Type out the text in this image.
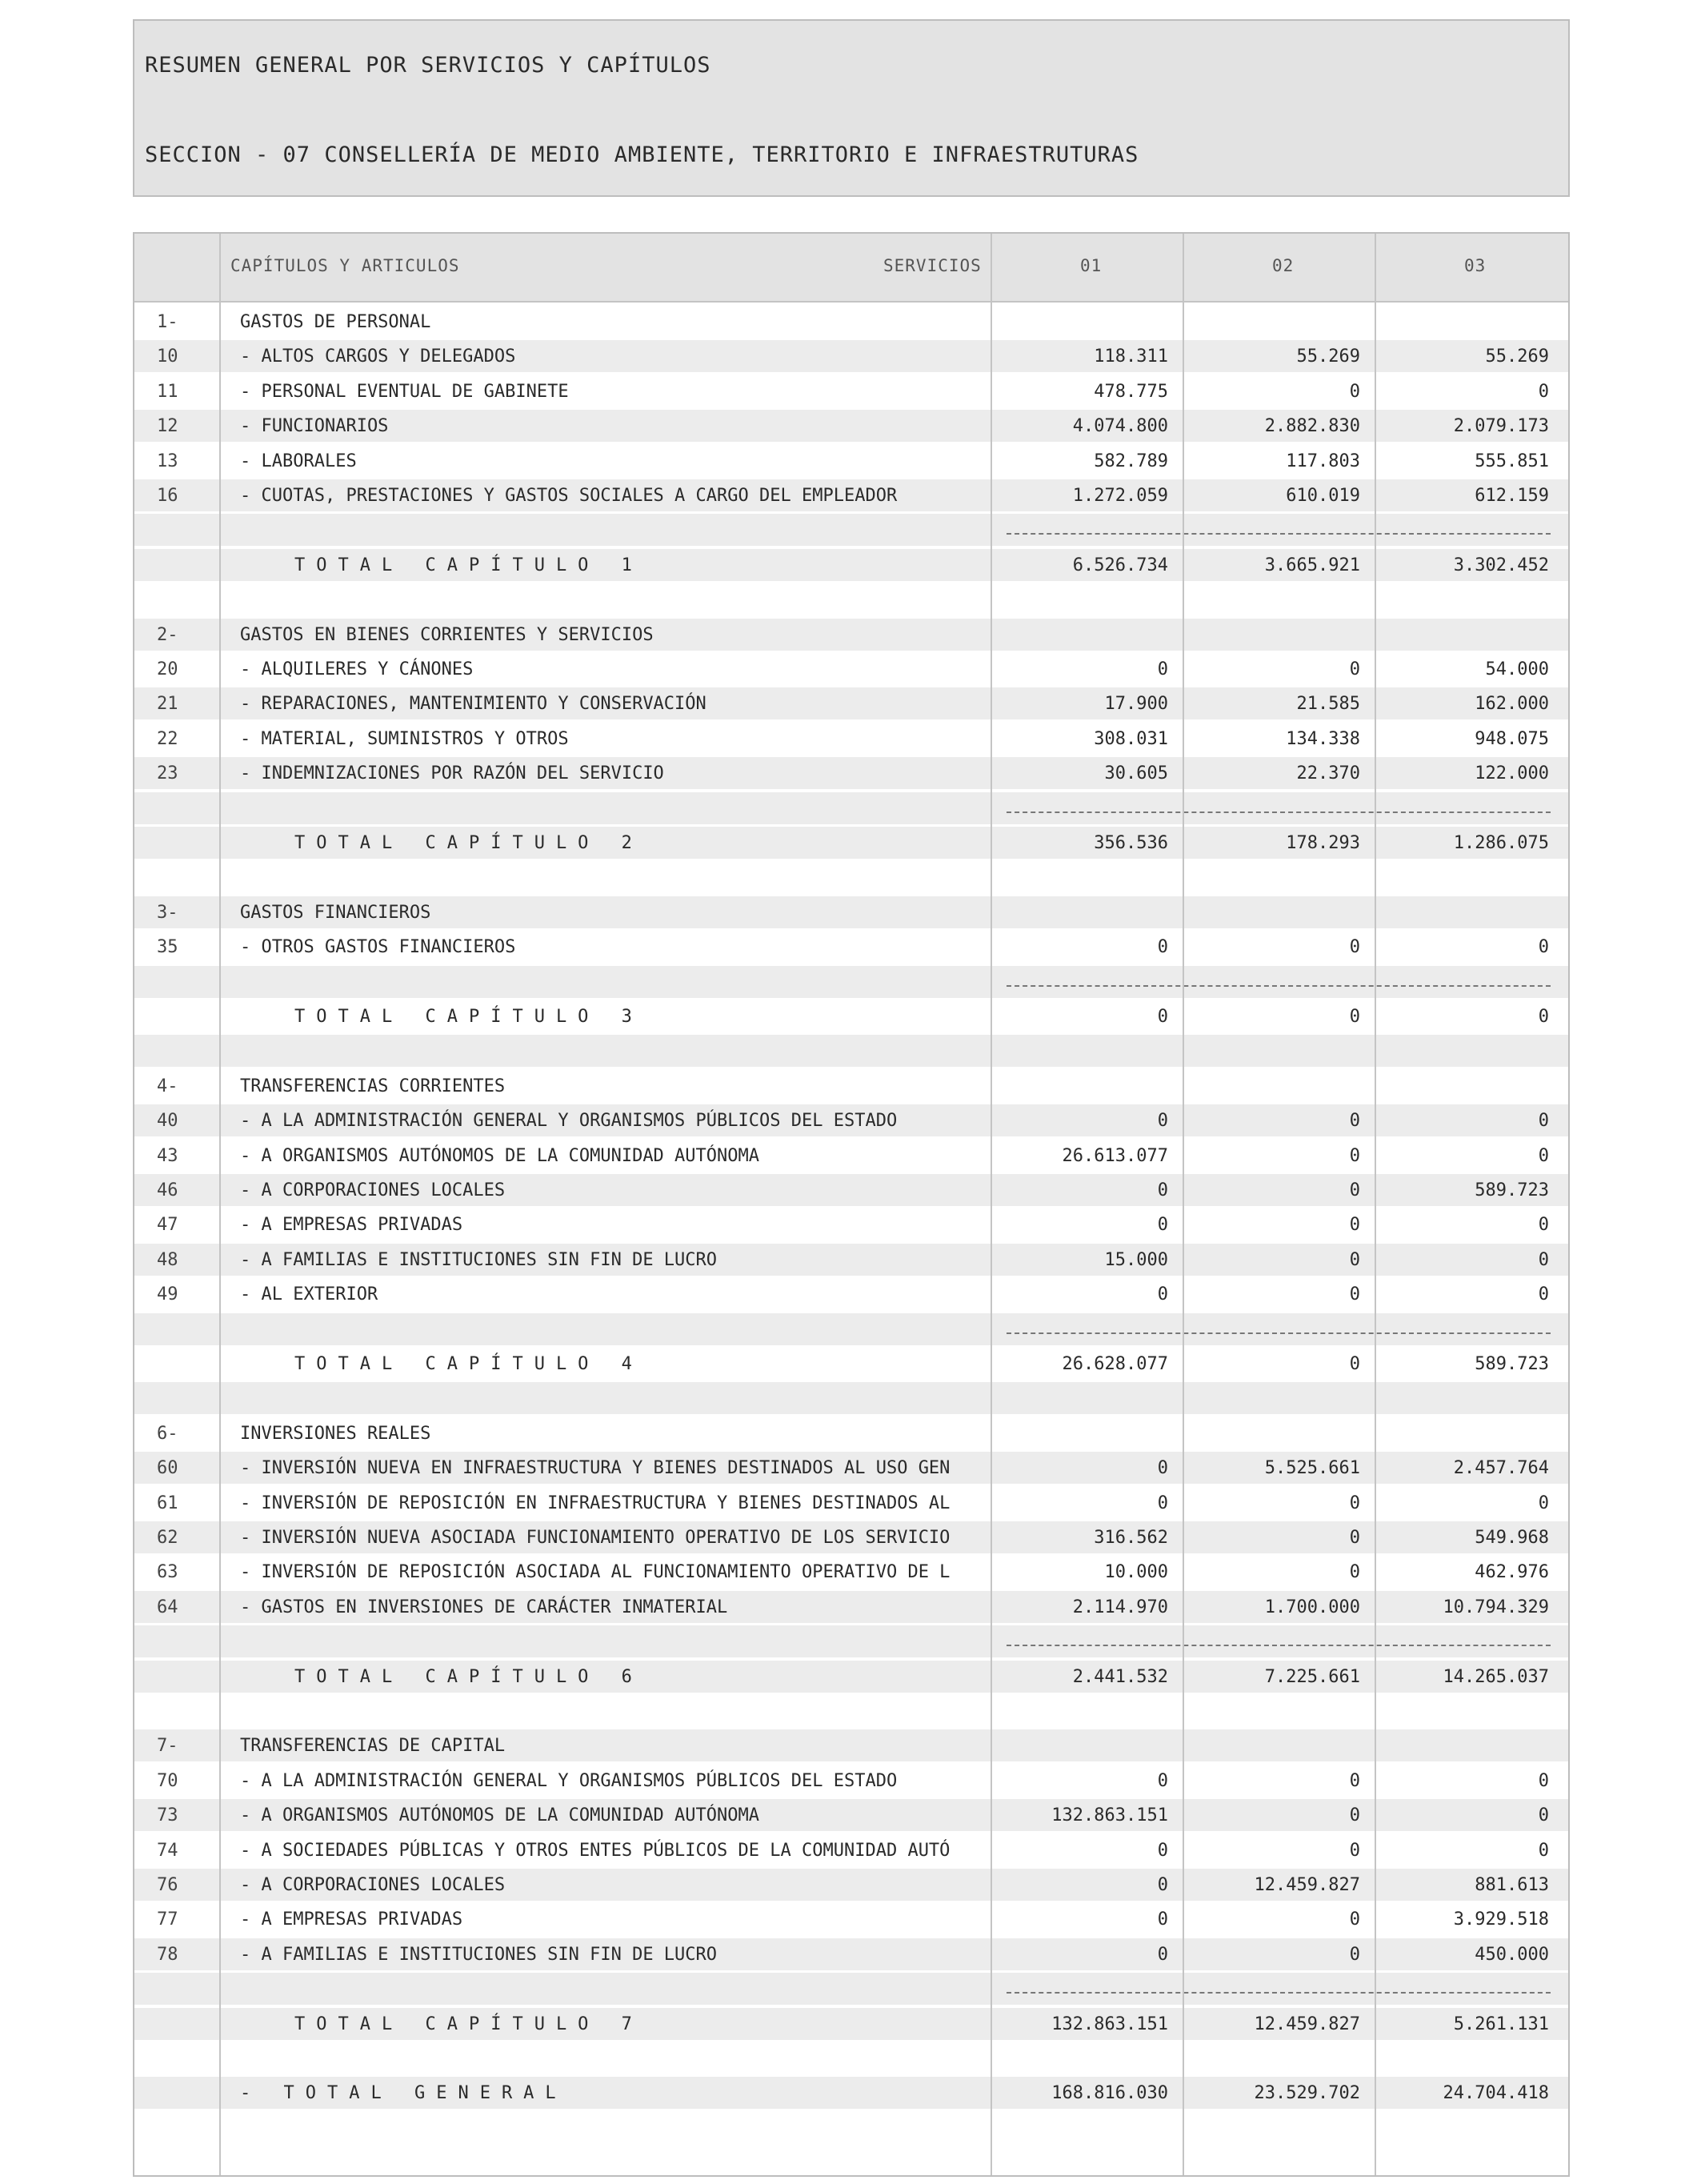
RESUMEN GENERAL POR SERVICIOS Y CAPÍTULOS
SECCION - 07 CONSELLERÍA DE MEDIO AMBIENTE, TERRITORIO E INFRAESTRUTURAS
CAPÍTULOS Y ARTICULOS	SERVICIOS	01	02	03
1-	GASTOS DE PERSONAL
10	- ALTOS CARGOS Y DELEGADOS	118.311	55.269	55.269
11	- PERSONAL EVENTUAL DE GABINETE	478.775	0	0
12	- FUNCIONARIOS	4.074.800	2.882.830	2.079.173
13	- LABORALES	582.789	117.803	555.851
16	- CUOTAS, PRESTACIONES Y GASTOS SOCIALES A CARGO DEL EMPLEADOR	1.272.059	610.019	612.159
TOTAL CAPÍTULO 1	6.526.734	3.665.921	3.302.452
2-	GASTOS EN BIENES CORRIENTES Y SERVICIOS
20	- ALQUILERES Y CÁNONES	0	0	54.000
21	- REPARACIONES, MANTENIMIENTO Y CONSERVACIÓN	17.900	21.585	162.000
22	- MATERIAL, SUMINISTROS Y OTROS	308.031	134.338	948.075
23	- INDEMNIZACIONES POR RAZÓN DEL SERVICIO	30.605	22.370	122.000
TOTAL CAPÍTULO 2	356.536	178.293	1.286.075
3-	GASTOS FINANCIEROS
35	- OTROS GASTOS FINANCIEROS	0	0	0
TOTAL CAPÍTULO 3	0	0	0
4-	TRANSFERENCIAS CORRIENTES
40	- A LA ADMINISTRACIÓN GENERAL Y ORGANISMOS PÚBLICOS DEL ESTADO	0	0	0
43	- A ORGANISMOS AUTÓNOMOS DE LA COMUNIDAD AUTÓNOMA	26.613.077	0	0
46	- A CORPORACIONES LOCALES	0	0	589.723
47	- A EMPRESAS PRIVADAS	0	0	0
48	- A FAMILIAS E INSTITUCIONES SIN FIN DE LUCRO	15.000	0	0
49	- AL EXTERIOR	0	0	0
TOTAL CAPÍTULO 4	26.628.077	0	589.723
6-	INVERSIONES REALES
60	- INVERSIÓN NUEVA EN INFRAESTRUCTURA Y BIENES DESTINADOS AL USO GEN	0	5.525.661	2.457.764
61	- INVERSIÓN DE REPOSICIÓN EN INFRAESTRUCTURA Y BIENES DESTINADOS AL	0	0	0
62	- INVERSIÓN NUEVA ASOCIADA FUNCIONAMIENTO OPERATIVO DE LOS SERVICIO	316.562	0	549.968
63	- INVERSIÓN DE REPOSICIÓN ASOCIADA AL FUNCIONAMIENTO OPERATIVO DE L	10.000	0	462.976
64	- GASTOS EN INVERSIONES DE CARÁCTER INMATERIAL	2.114.970	1.700.000	10.794.329
TOTAL CAPÍTULO 6	2.441.532	7.225.661	14.265.037
7-	TRANSFERENCIAS DE CAPITAL
70	- A LA ADMINISTRACIÓN GENERAL Y ORGANISMOS PÚBLICOS DEL ESTADO	0	0	0
73	- A ORGANISMOS AUTÓNOMOS DE LA COMUNIDAD AUTÓNOMA	132.863.151	0	0
74	- A SOCIEDADES PÚBLICAS Y OTROS ENTES PÚBLICOS DE LA COMUNIDAD AUTÓ	0	0	0
76	- A CORPORACIONES LOCALES	0	12.459.827	881.613
77	- A EMPRESAS PRIVADAS	0	0	3.929.518
78	- A FAMILIAS E INSTITUCIONES SIN FIN DE LUCRO	0	0	450.000
TOTAL CAPÍTULO 7	132.863.151	12.459.827	5.261.131
- TOTAL GENERAL	168.816.030	23.529.702	24.704.418
